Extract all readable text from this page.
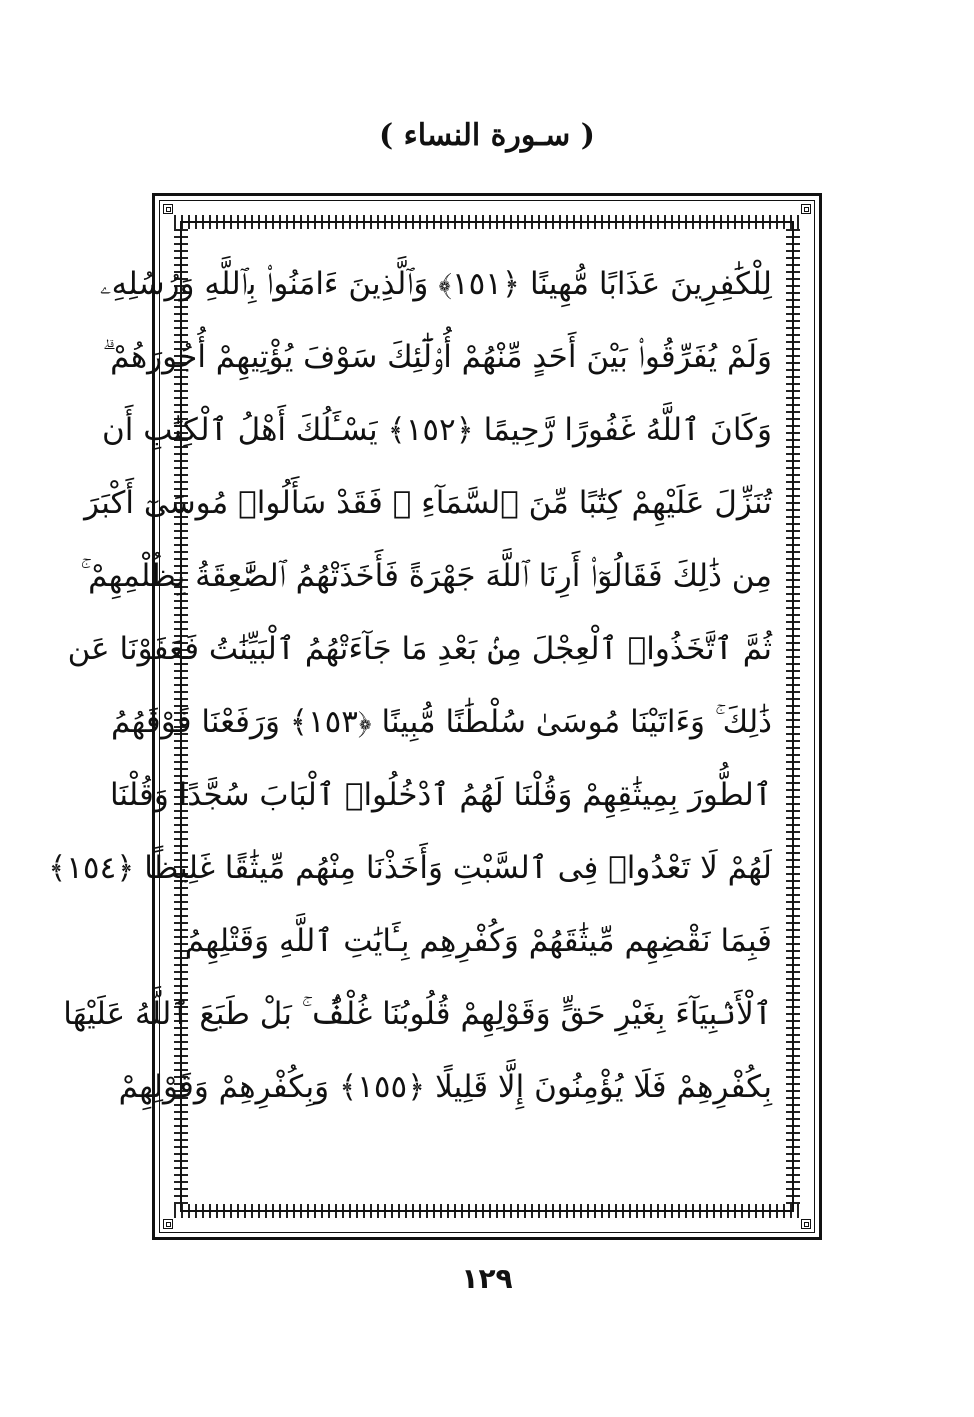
( سـورة النساء )
لِلْكَٰفِرِينَ عَذَابًا مُّهِينًا ﴿١٥١﴾ وَٱلَّذِينَ ءَامَنُوا۟ بِٱللَّهِ وَرُسُلِهِۦ
وَلَمْ يُفَرِّقُوا۟ بَيْنَ أَحَدٍ مِّنْهُمْ أُو۟لَٰٓئِكَ سَوْفَ يُؤْتِيهِمْ أُجُورَهُمْ ۗ
وَكَانَ ٱللَّهُ غَفُورًا رَّحِيمًا ﴿١٥٢﴾ يَسْـَٔلُكَ أَهْلُ ٱلْكِتَٰبِ أَن
تُنَزِّلَ عَلَيْهِمْ كِتَٰبًا مِّنَ ٱلسَّمَآءِ ۚ فَقَدْ سَأَلُوا۟ مُوسَىٰٓ أَكْبَرَ
مِن ذَٰلِكَ فَقَالُوٓا۟ أَرِنَا ٱللَّهَ جَهْرَةً فَأَخَذَتْهُمُ ٱلصَّٰعِقَةُ بِظُلْمِهِمْ ۚ
ثُمَّ ٱتَّخَذُوا۟ ٱلْعِجْلَ مِنۢ بَعْدِ مَا جَآءَتْهُمُ ٱلْبَيِّنَٰتُ فَعَفَوْنَا عَن
ذَٰلِكَ ۚ وَءَاتَيْنَا مُوسَىٰ سُلْطَٰنًا مُّبِينًا ﴿١٥٣﴾ وَرَفَعْنَا فَوْقَهُمُ
ٱلطُّورَ بِمِيثَٰقِهِمْ وَقُلْنَا لَهُمُ ٱدْخُلُوا۟ ٱلْبَابَ سُجَّدًا وَقُلْنَا
لَهُمْ لَا تَعْدُوا۟ فِى ٱلسَّبْتِ وَأَخَذْنَا مِنْهُم مِّيثَٰقًا غَلِيظًا ﴿١٥٤﴾
فَبِمَا نَقْضِهِم مِّيثَٰقَهُمْ وَكُفْرِهِم بِـَٔايَٰتِ ٱللَّهِ وَقَتْلِهِمُ
ٱلْأَنۢبِيَآءَ بِغَيْرِ حَقٍّ وَقَوْلِهِمْ قُلُوبُنَا غُلْفٌۢ ۚ بَلْ طَبَعَ ٱللَّهُ عَلَيْهَا
بِكُفْرِهِمْ فَلَا يُؤْمِنُونَ إِلَّا قَلِيلًا ﴿١٥٥﴾ وَبِكُفْرِهِمْ وَقَوْلِهِمْ
١٢٩
